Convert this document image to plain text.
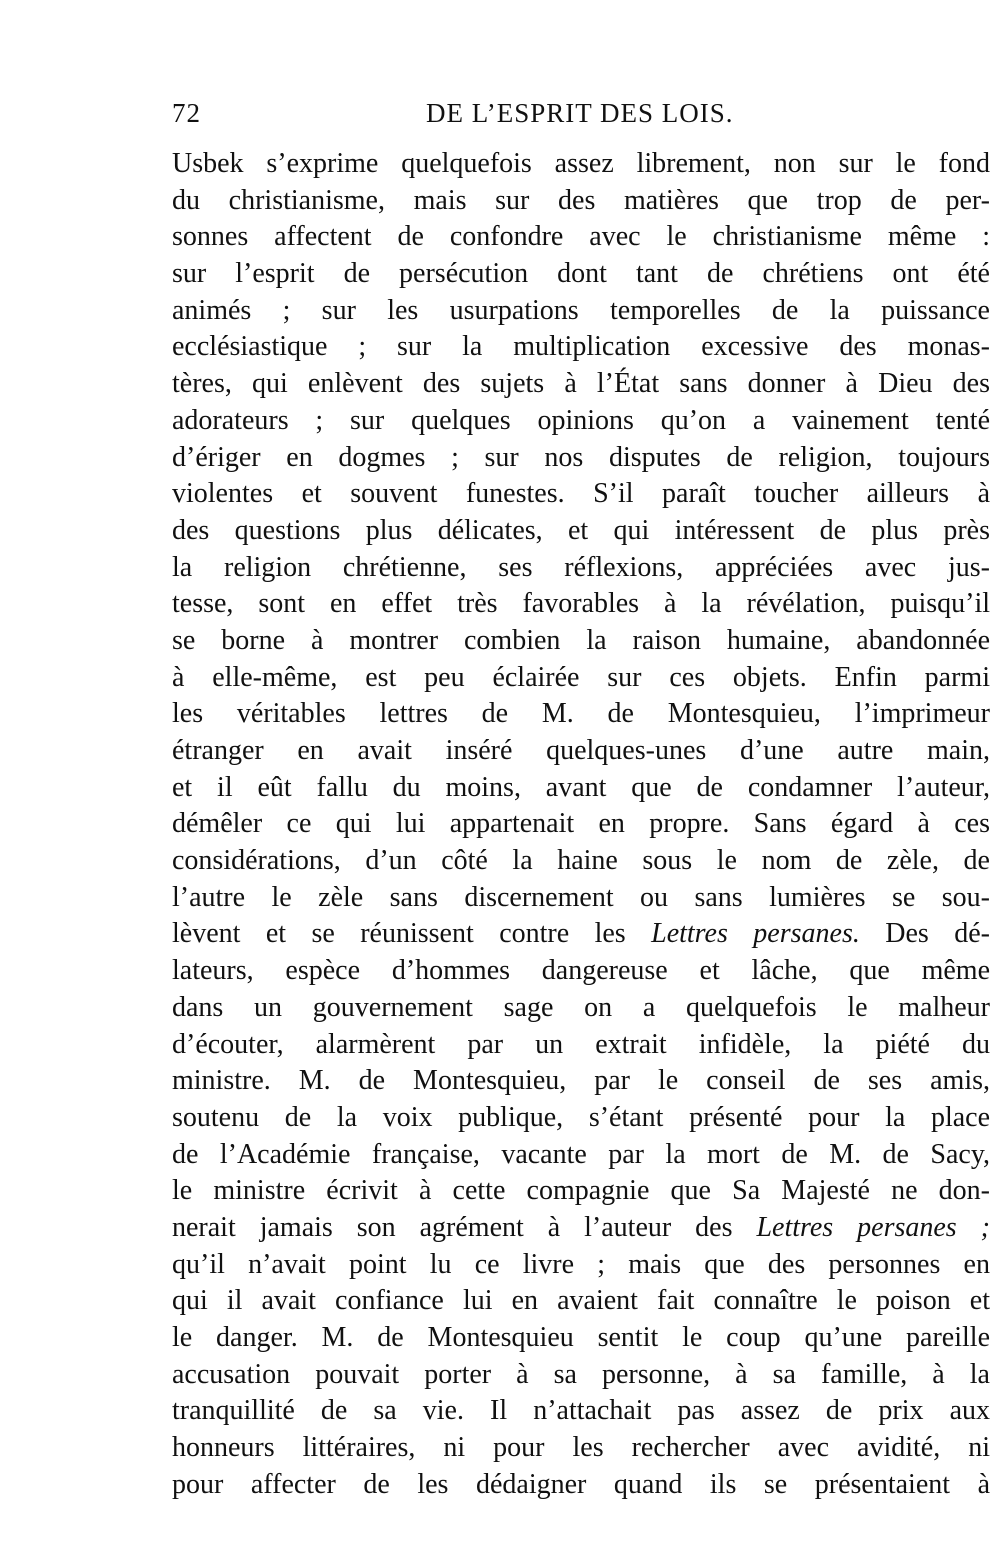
72	DE L’ESPRIT DES LOIS.
Usbek s’exprime quelquefois assez librement, non sur le fond
du christianisme, mais sur des matières que trop de per-
sonnes affectent de confondre avec le christianisme même :
sur l’esprit de persécution dont tant de chrétiens ont été
animés ; sur les usurpations temporelles de la puissance
ecclésiastique ; sur la multiplication excessive des monas-
tères, qui enlèvent des sujets à l’État sans donner à Dieu des
adorateurs ; sur quelques opinions qu’on a vainement tenté
d’ériger en dogmes ; sur nos disputes de religion, toujours
violentes et souvent funestes. S’il paraît toucher ailleurs à
des questions plus délicates, et qui intéressent de plus près
la religion chrétienne, ses réflexions, appréciées avec jus-
tesse, sont en effet très favorables à la révélation, puisqu’il
se borne à montrer combien la raison humaine, abandonnée
à elle-même, est peu éclairée sur ces objets. Enfin parmi
les véritables lettres de M. de Montesquieu, l’imprimeur
étranger en avait inséré quelques-unes d’une autre main,
et il eût fallu du moins, avant que de condamner l’auteur,
démêler ce qui lui appartenait en propre. Sans égard à ces
considérations, d’un côté la haine sous le nom de zèle, de
l’autre le zèle sans discernement ou sans lumières se sou-
lèvent et se réunissent contre les Lettres persanes. Des dé-
lateurs, espèce d’hommes dangereuse et lâche, que même
dans un gouvernement sage on a quelquefois le malheur
d’écouter, alarmèrent par un extrait infidèle, la piété du
ministre. M. de Montesquieu, par le conseil de ses amis,
soutenu de la voix publique, s’étant présenté pour la place
de l’Académie française, vacante par la mort de M. de Sacy,
le ministre écrivit à cette compagnie que Sa Majesté ne don-
nerait jamais son agrément à l’auteur des Lettres persanes ;
qu’il n’avait point lu ce livre ; mais que des personnes en
qui il avait confiance lui en avaient fait connaître le poison et
le danger. M. de Montesquieu sentit le coup qu’une pareille
accusation pouvait porter à sa personne, à sa famille, à la
tranquillité de sa vie. Il n’attachait pas assez de prix aux
honneurs littéraires, ni pour les rechercher avec avidité, ni
pour affecter de les dédaigner quand ils se présentaient à
